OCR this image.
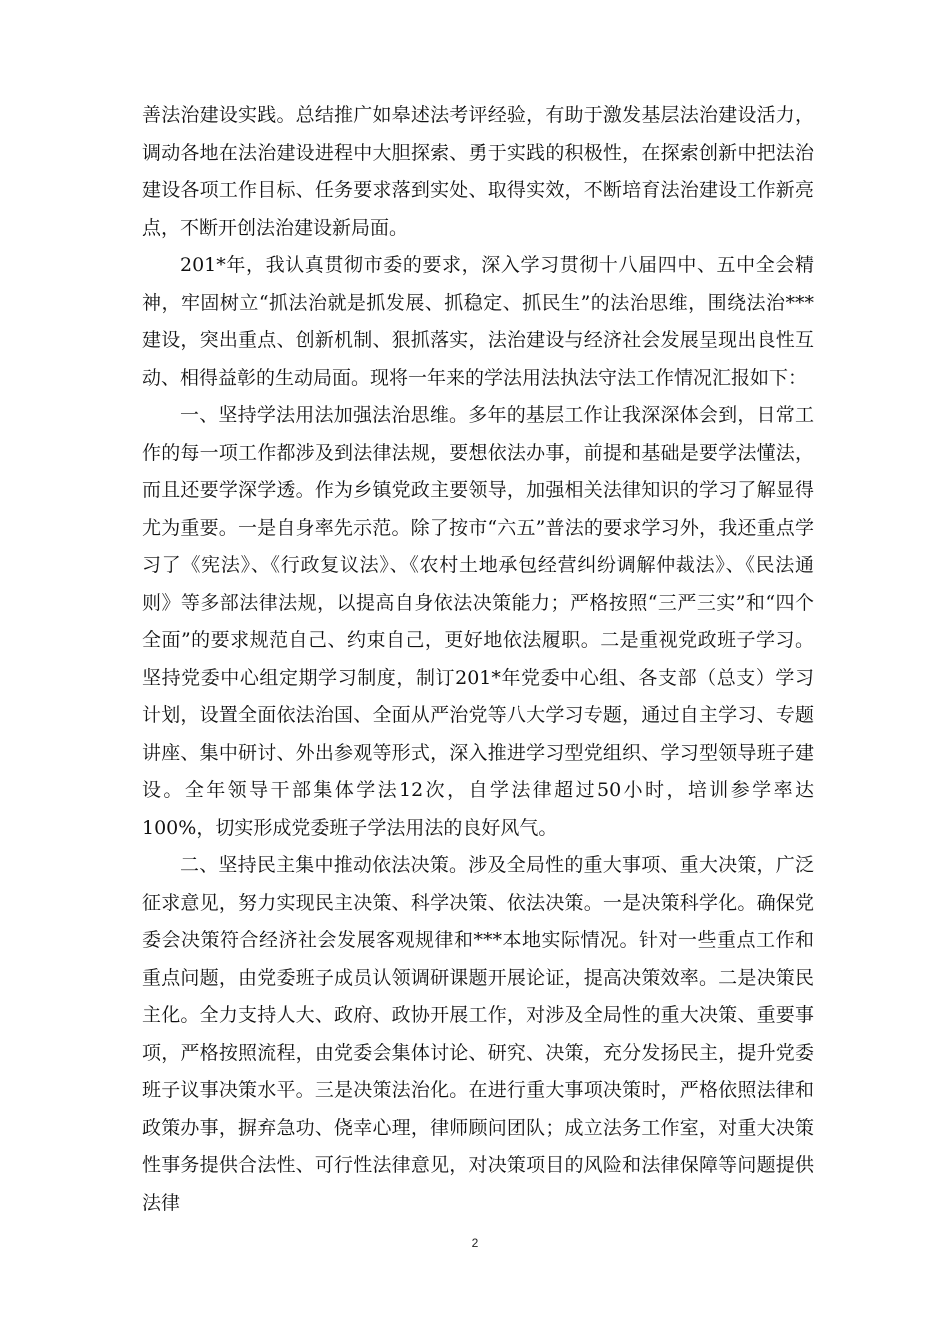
善法治建设实践。总结推广如皋述法考评经验，有助于激发基层法治建设活力，调动各地在法治建设进程中大胆探索、勇于实践的积极性，在探索创新中把法治建设各项工作目标、任务要求落到实处、取得实效，不断培育法治建设工作新亮点，不断开创法治建设新局面。

201*年，我认真贯彻市委的要求，深入学习贯彻十八届四中、五中全会精神，牢固树立“抓法治就是抓发展、抓稳定、抓民生”的法治思维，围绕法治***建设，突出重点、创新机制、狠抓落实，法治建设与经济社会发展呈现出良性互动、相得益彰的生动局面。现将一年来的学法用法执法守法工作情况汇报如下：

一、坚持学法用法加强法治思维。多年的基层工作让我深深体会到，日常工作的每一项工作都涉及到法律法规，要想依法办事，前提和基础是要学法懂法，而且还要学深学透。作为乡镇党政主要领导，加强相关法律知识的学习了解显得尤为重要。一是自身率先示范。除了按市“六五”普法的要求学习外，我还重点学习了《宪法》、《行政复议法》、《农村土地承包经营纠纷调解仲裁法》、《民法通则》等多部法律法规，以提高自身依法决策能力；严格按照“三严三实”和“四个全面”的要求规范自己、约束自己，更好地依法履职。二是重视党政班子学习。坚持党委中心组定期学习制度，制订201*年党委中心组、各支部（总支）学习计划，设置全面依法治国、全面从严治党等八大学习专题，通过自主学习、专题讲座、集中研讨、外出参观等形式，深入推进学习型党组织、学习型领导班子建设。全年领导干部集体学法12次，自学法律超过50小时，培训参学率达100%，切实形成党委班子学法用法的良好风气。

二、坚持民主集中推动依法决策。涉及全局性的重大事项、重大决策，广泛征求意见，努力实现民主决策、科学决策、依法决策。一是决策科学化。确保党委会决策符合经济社会发展客观规律和***本地实际情况。针对一些重点工作和重点问题，由党委班子成员认领调研课题开展论证，提高决策效率。二是决策民主化。全力支持人大、政府、政协开展工作，对涉及全局性的重大决策、重要事项，严格按照流程，由党委会集体讨论、研究、决策，充分发扬民主，提升党委班子议事决策水平。三是决策法治化。在进行重大事项决策时，严格依照法律和政策办事，摒弃急功、侥幸心理，律师顾问团队；成立法务工作室，对重大决策性事务提供合法性、可行性法律意见，对决策项目的风险和法律保障等问题提供法律

2
